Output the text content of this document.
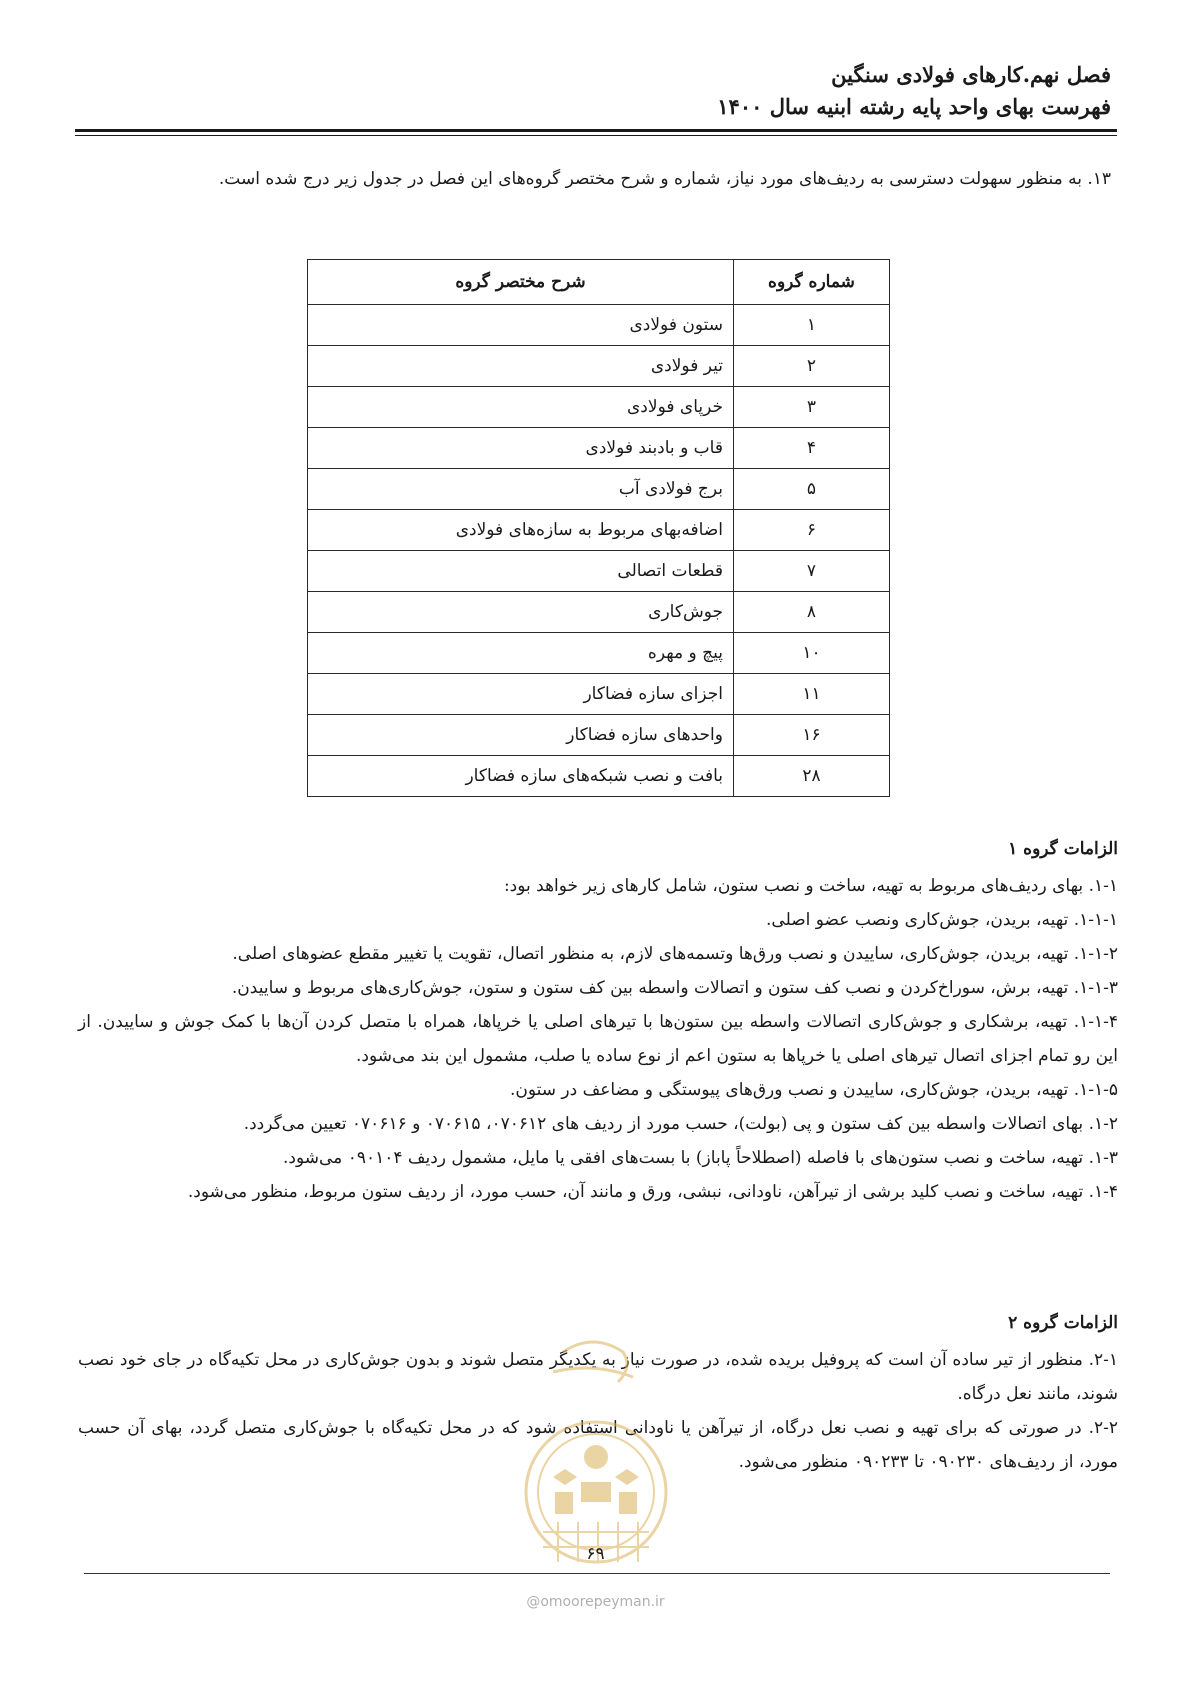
فصل نهم.کارهای فولادی سنگین
فهرست بهای واحد پایه رشته ابنیه سال ۱۴۰۰
۱۳. به منظور سهولت دسترسی به ردیف‌های مورد نیاز، شماره و شرح مختصر گروه‌های این فصل در جدول زیر درج شده است.
شماره گروه	شرح مختصر گروه
۱	ستون فولادی
۲	تیر فولادی
۳	خرپای فولادی
۴	قاب و بادبند فولادی
۵	برج فولادی آب
۶	اضافه‌بهای مربوط به سازه‌های فولادی
۷	قطعات اتصالی
۸	جوش‌کاری
۱۰	پیچ و مهره
۱۱	اجزای سازه فضاکار
۱۶	واحدهای سازه فضاکار
۲۸	بافت و نصب شبکه‌های سازه فضاکار
الزامات گروه ۱

۱-۱. بهای ردیف‌های مربوط به تهیه، ساخت و نصب ستون، شامل کارهای زیر خواهد بود:

۱-۱-۱. تهیه، بریدن، جوش‌کاری ونصب عضو اصلی.

۱-۱-۲. تهیه، بریدن، جوش‌کاری، ساییدن و نصب ورق‌ها وتسمه‌های لازم، به منظور اتصال، تقویت یا تغییر مقطع عضوهای اصلی.

۱-۱-۳. تهیه، برش، سوراخ‌کردن و نصب کف ستون و اتصالات واسطه بین کف ستون و ستون، جوش‌کاری‌های مربوط و ساییدن.

۱-۱-۴. تهیه، برشکاری و جوش‌کاری اتصالات واسطه بین ستون‌ها با تیرهای اصلی یا خرپاها، همراه با متصل کردن آن‌ها با کمک جوش و ساییدن. از این رو تمام اجزای اتصال تیرهای اصلی یا خرپاها به ستون اعم از نوع ساده یا صلب، مشمول این بند می‌شود.

۱-۱-۵. تهیه، بریدن، جوش‌کاری، ساییدن و نصب ورق‌های پیوستگی و مضاعف در ستون.

۱-۲. بهای اتصالات واسطه بین کف ستون و پی (بولت)، حسب مورد از ردیف های ۰۷۰۶۱۲، ۰۷۰۶۱۵ و ۰۷۰۶۱۶ تعیین می‌گردد.

۱-۳. تهیه، ساخت و نصب ستون‌های با فاصله (اصطلاحاً پاباز) با بست‌های افقی یا مایل، مشمول ردیف ۰۹۰۱۰۴ می‌شود.

۱-۴. تهیه، ساخت و نصب کلید برشی از تیرآهن، ناودانی، نبشی، ورق و مانند آن، حسب مورد، از ردیف ستون مربوط، منظور می‌شود.

الزامات گروه ۲

۲-۱. منظور از تیر ساده آن است که پروفیل بریده شده، در صورت نیاز به یکدیگر متصل شوند و بدون جوش‌کاری در محل تکیه‌گاه در جای خود نصب شوند، مانند نعل درگاه.

۲-۲. در صورتی که برای تهیه و نصب نعل درگاه، از تیرآهن یا ناودانی استفاده شود که در محل تکیه‌گاه با جوش‌کاری متصل گردد، بهای آن حسب مورد، از ردیف‌های ۰۹۰۲۳۰ تا ۰۹۰۲۳۳ منظور می‌شود.

۶۹
@omoorepeyman.ir
